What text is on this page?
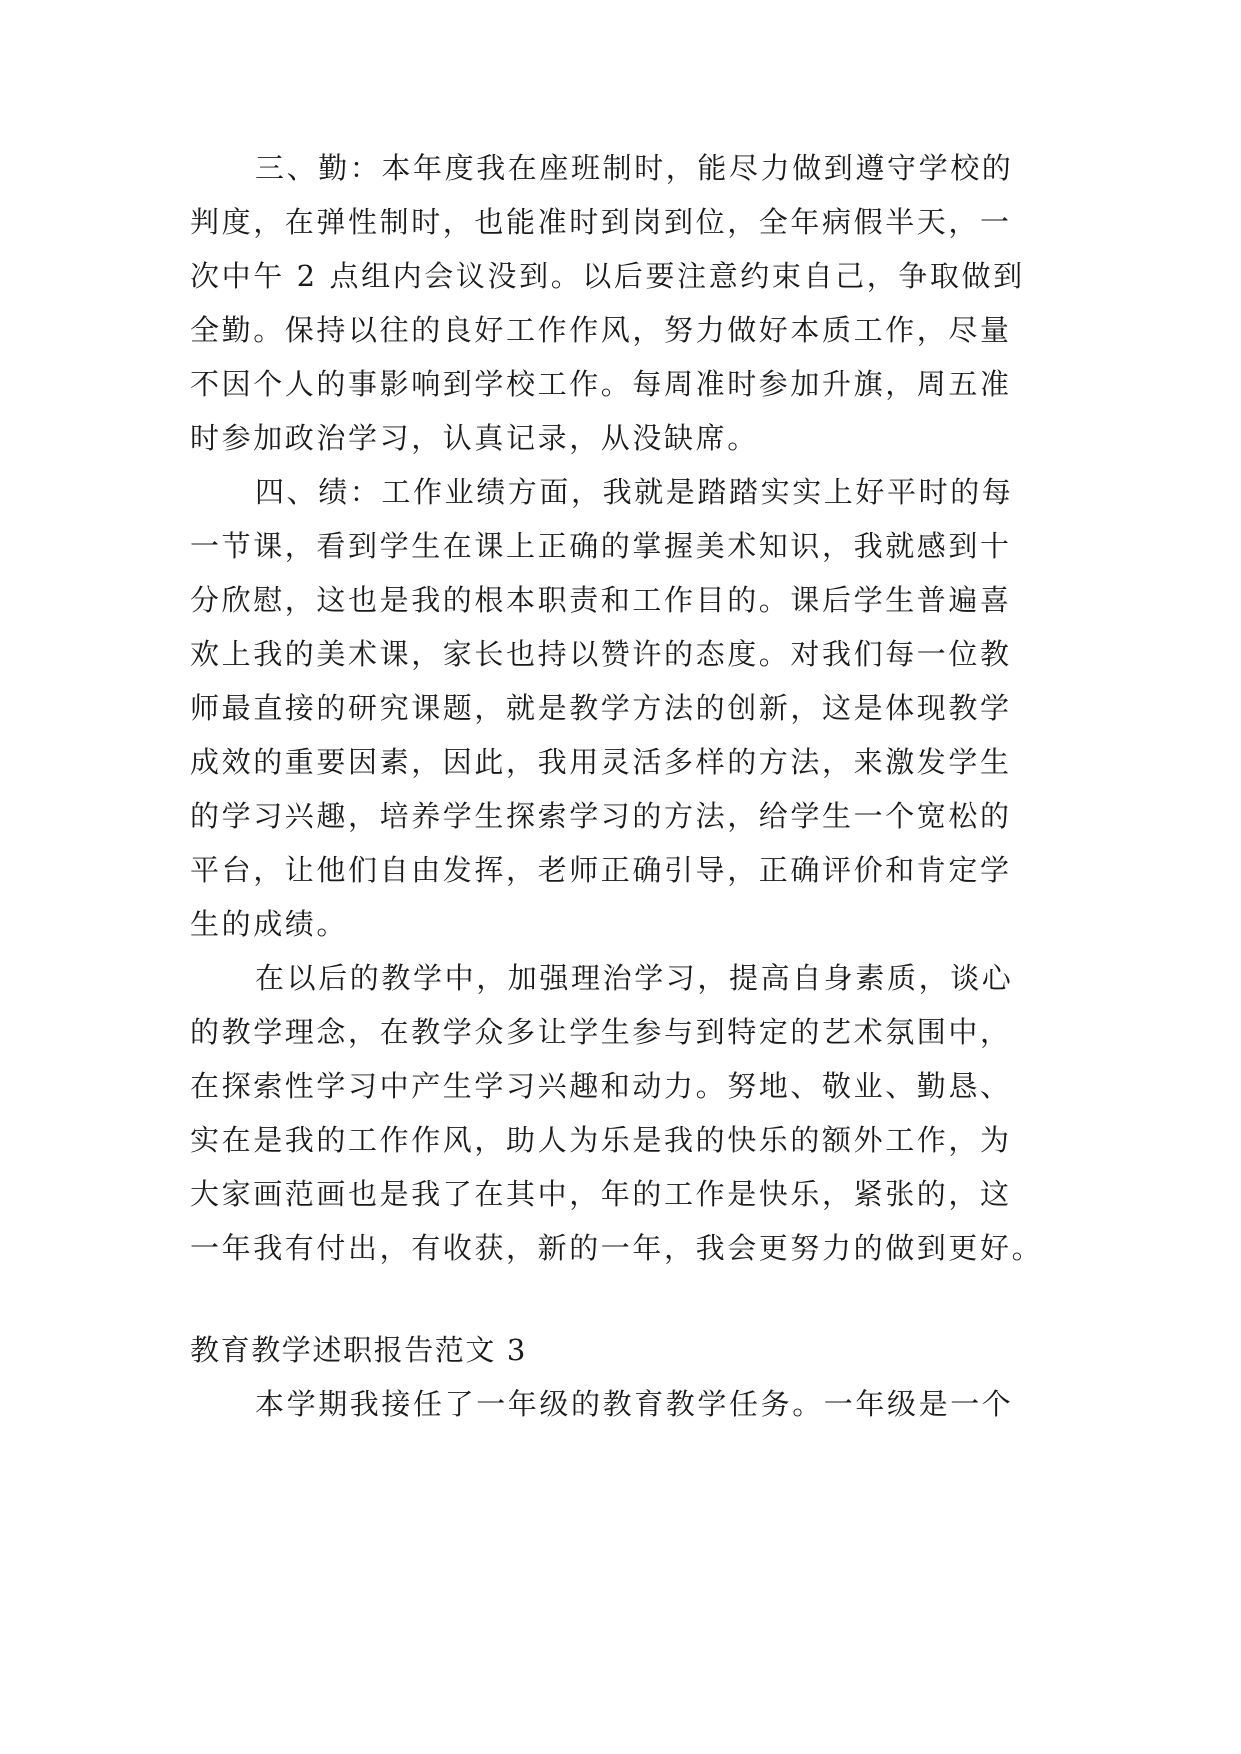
三、勤：本年度我在座班制时，能尽力做到遵守学校的
判度，在弹性制时，也能准时到岗到位，全年病假半天，一
次中午 2 点组内会议没到。以后要注意约束自己，争取做到
全勤。保持以往的良好工作作风，努力做好本质工作，尽量
不因个人的事影响到学校工作。每周准时参加升旗，周五准
时参加政治学习，认真记录，从没缺席。
四、绩：工作业绩方面，我就是踏踏实实上好平时的每
一节课，看到学生在课上正确的掌握美术知识，我就感到十
分欣慰，这也是我的根本职责和工作目的。课后学生普遍喜
欢上我的美术课，家长也持以赞许的态度。对我们每一位教
师最直接的研究课题，就是教学方法的创新，这是体现教学
成效的重要因素，因此，我用灵活多样的方法，来激发学生
的学习兴趣，培养学生探索学习的方法，给学生一个宽松的
平台，让他们自由发挥，老师正确引导，正确评价和肯定学
生的成绩。
在以后的教学中，加强理治学习，提高自身素质，谈心
的教学理念，在教学众多让学生参与到特定的艺术氛围中，
在探索性学习中产生学习兴趣和动力。努地、敬业、勤恳、
实在是我的工作作风，助人为乐是我的快乐的额外工作，为
大家画范画也是我了在其中，年的工作是快乐，紧张的，这
一年我有付出，有收获，新的一年，我会更努力的做到更好。
教育教学述职报告范文 3
本学期我接任了一年级的教育教学任务。一年级是一个
